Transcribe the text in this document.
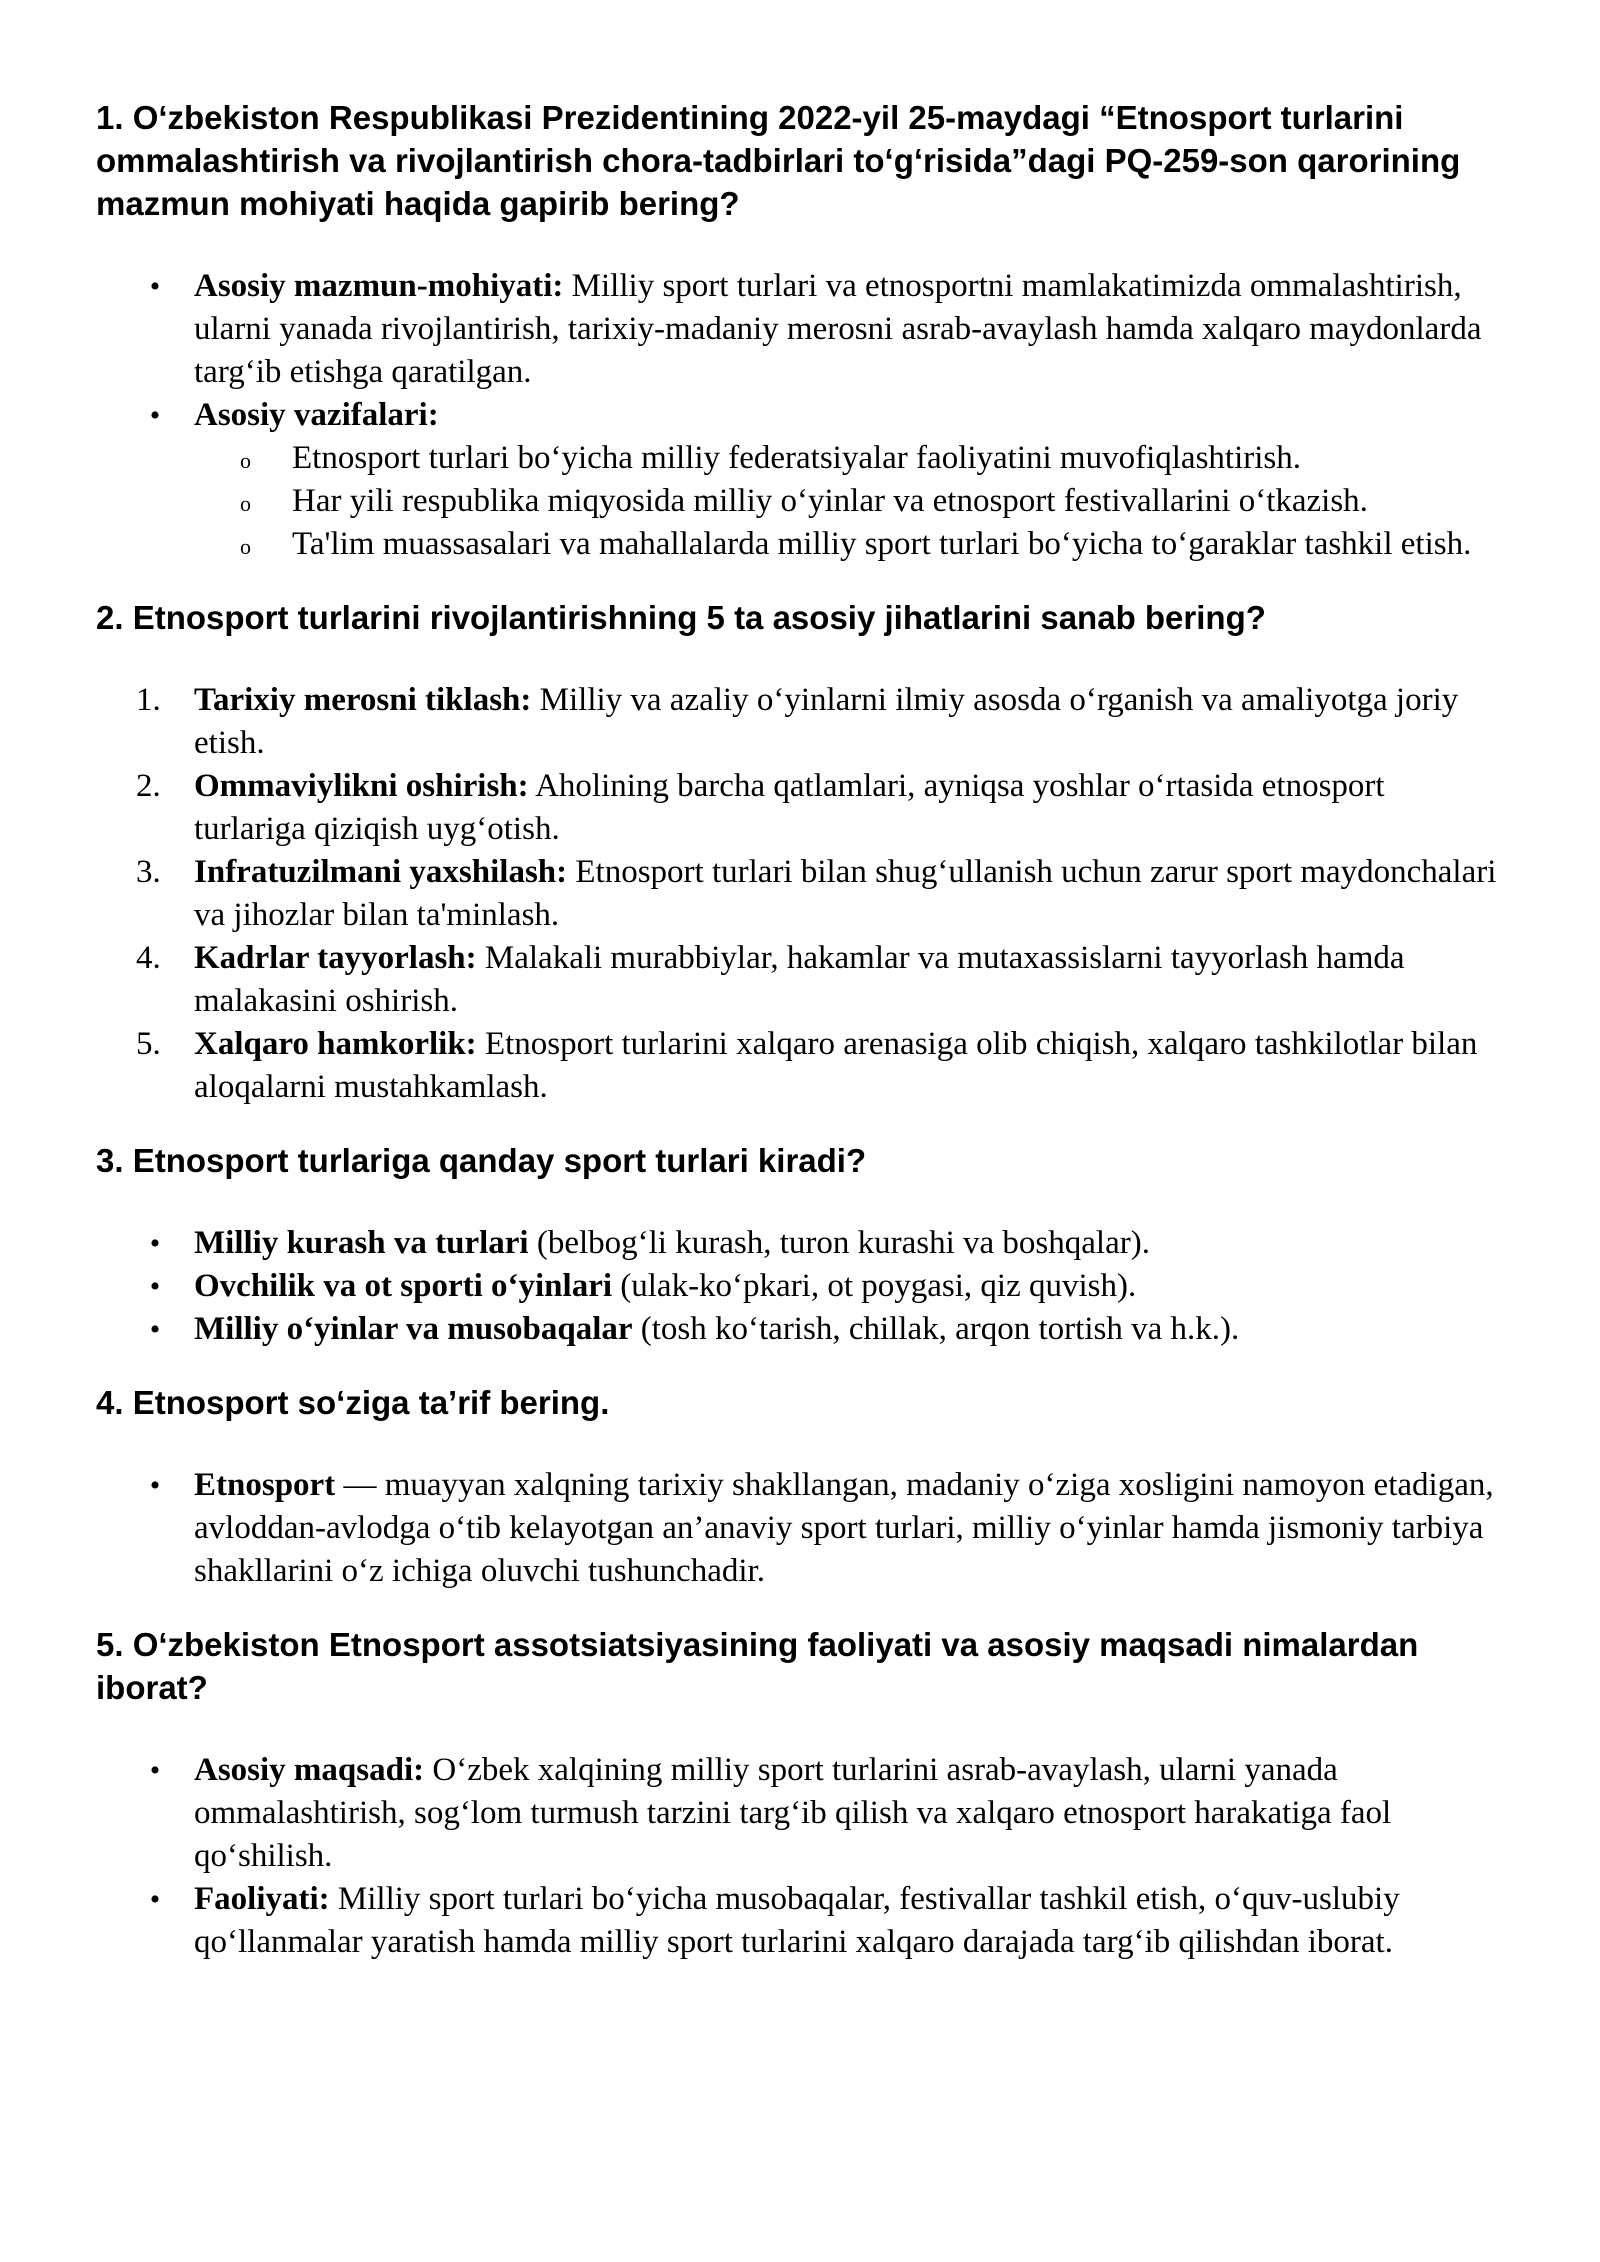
1. O‘zbekiston Respublikasi Prezidentining 2022-yil 25-maydagi “Etnosport turlarini ommalashtirish va rivojlantirish chora-tadbirlari to‘g‘risida”dagi PQ-259-son qarorining mazmun mohiyati haqida gapirib bering?
• Asosiy mazmun-mohiyati: Milliy sport turlari va etnosportni mamlakatimizda ommalashtirish, ularni yanada rivojlantirish, tarixiy-madaniy merosni asrab-avaylash hamda xalqaro maydonlarda targ‘ib etishga qaratilgan.
• Asosiy vazifalari:
o Etnosport turlari bo‘yicha milliy federatsiyalar faoliyatini muvofiqlashtirish.
o Har yili respublika miqyosida milliy o‘yinlar va etnosport festivallarini o‘tkazish.
o Ta'lim muassasalari va mahallalarda milliy sport turlari bo‘yicha to‘garaklar tashkil etish.
2. Etnosport turlarini rivojlantirishning 5 ta asosiy jihatlarini sanab bering?
1.	Tarixiy merosni tiklash: Milliy va azaliy o‘yinlarni ilmiy asosda o‘rganish va amaliyotga joriy etish.
2.	Ommaviylikni oshirish: Aholining barcha qatlamlari, ayniqsa yoshlar o‘rtasida etnosport turlariga qiziqish uyg‘otish.
3.	Infratuzilmani yaxshilash: Etnosport turlari bilan shug‘ullanish uchun zarur sport maydonchalari va jihozlar bilan ta'minlash.
4.	Kadrlar tayyorlash: Malakali murabbiylar, hakamlar va mutaxassislarni tayyorlash hamda malakasini oshirish.
5.	Xalqaro hamkorlik: Etnosport turlarini xalqaro arenasiga olib chiqish, xalqaro tashkilotlar bilan aloqalarni mustahkamlash.
3. Etnosport turlariga qanday sport turlari kiradi?
• Milliy kurash va turlari (belbog‘li kurash, turon kurashi va boshqalar).
• Ovchilik va ot sporti o‘yinlari (ulak-ko‘pkari, ot poygasi, qiz quvish).
• Milliy o‘yinlar va musobaqalar (tosh ko‘tarish, chillak, arqon tortish va h.k.).
4. Etnosport so‘ziga ta’rif bering.
• Etnosport — muayyan xalqning tarixiy shakllangan, madaniy o‘ziga xosligini namoyon etadigan, avloddan-avlodga o‘tib kelayotgan an’anaviy sport turlari, milliy o‘yinlar hamda jismoniy tarbiya shakllarini o‘z ichiga oluvchi tushunchadir.
5. O‘zbekiston Etnosport assotsiatsiyasining faoliyati va asosiy maqsadi nimalardan iborat?
• Asosiy maqsadi: O‘zbek xalqining milliy sport turlarini asrab-avaylash, ularni yanada ommalashtirish, sog‘lom turmush tarzini targ‘ib qilish va xalqaro etnosport harakatiga faol qo‘shilish.
• Faoliyati: Milliy sport turlari bo‘yicha musobaqalar, festivallar tashkil etish, o‘quv-uslubiy qo‘llanmalar yaratish hamda milliy sport turlarini xalqaro darajada targ‘ib qilishdan iborat.
